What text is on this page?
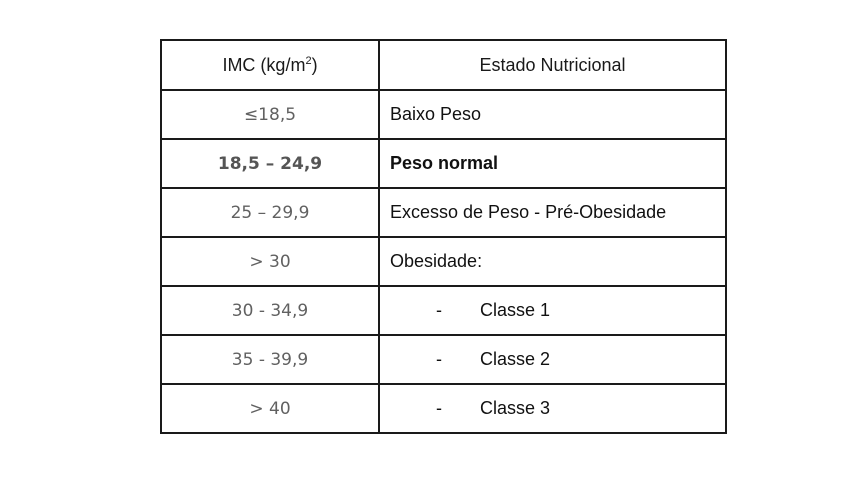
IMC $(kg/m^2)$	Estado Nutricional
≤18,5	Baixo Peso
18,5 – 24,9	Peso normal
25 – 29,9	Excesso de Peso - Pré-Obesidade
> 30	Obesidade:
30 - 34,9	- Classe 1
35 - 39,9	- Classe 2
> 40	- Classe 3
